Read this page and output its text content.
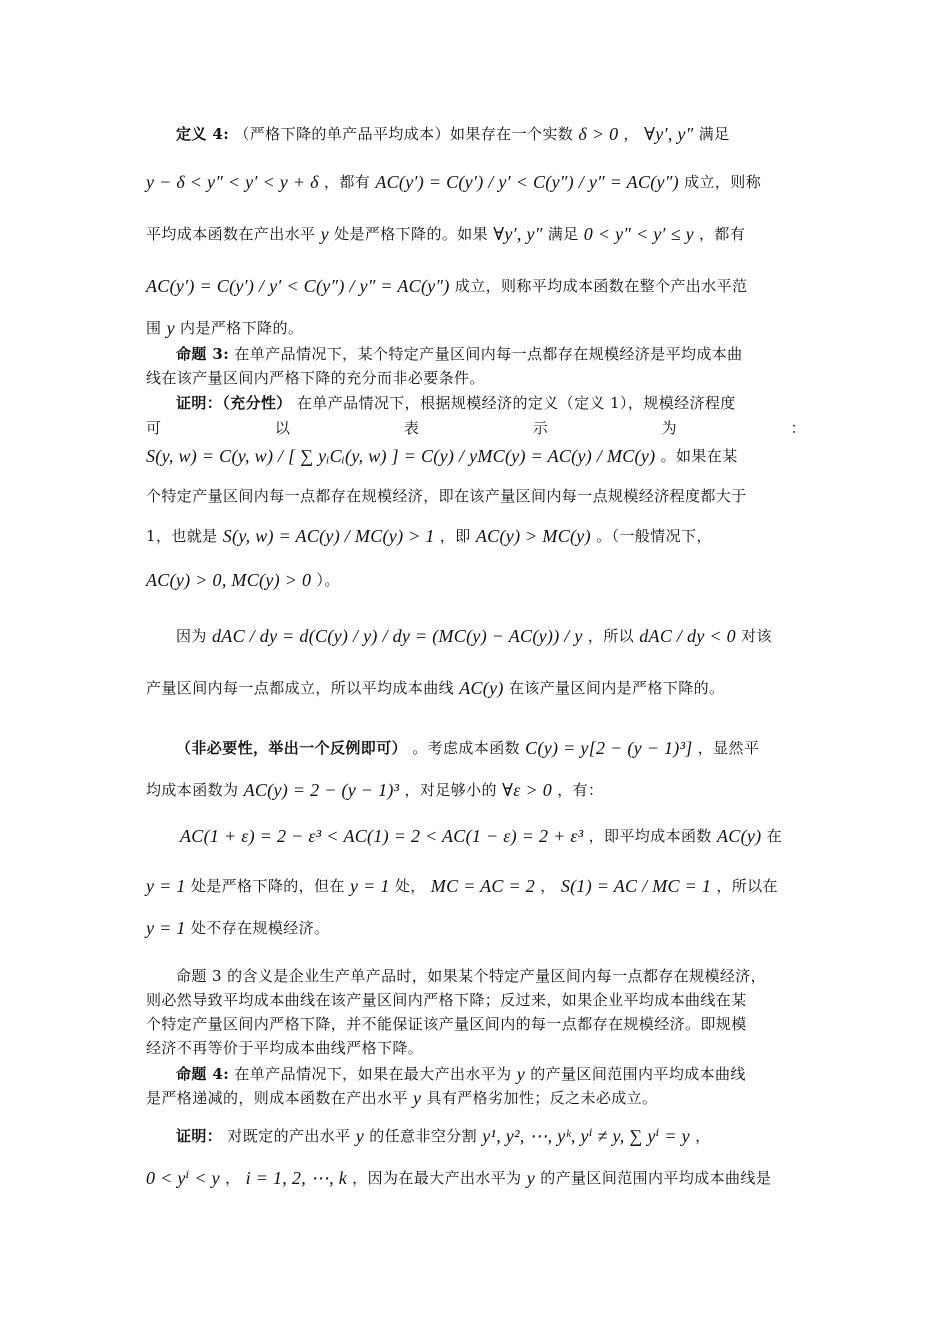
定义 4: （严格下降的单产品平均成本）如果存在一个实数 δ > 0 ， ∀y′, y″ 满足
y − δ < y″ < y′ < y + δ ，都有 AC(y′) = C(y′) / y′ < C(y″) / y″ = AC(y″) 成立，则称
平均成本函数在产出水平 y 处是严格下降的。如果 ∀y′, y″ 满足 0 < y″ < y′ ≤ y ，都有
AC(y′) = C(y′) / y′ < C(y″) / y″ = AC(y″) 成立，则称平均成本函数在整个产出水平范
围 y 内是严格下降的。
命题 3: 在单产品情况下，某个特定产量区间内每一点都存在规模经济是平均成本曲
线在该产量区间内严格下降的充分而非必要条件。
证明：（充分性） 在单产品情况下，根据规模经济的定义（定义 1），规模经济程度
可	以	表	示	为	：
S(y, w) = C(y, w) / [ ∑ yᵢCᵢ(y, w) ] = C(y) / yMC(y) = AC(y) / MC(y) 。如果在某
个特定产量区间内每一点都存在规模经济，即在该产量区间内每一点规模经济程度都大于
1，也就是 S(y, w) = AC(y) / MC(y) > 1 ，即 AC(y) > MC(y) 。（一般情况下，
AC(y) > 0, MC(y) > 0 ）。
因为 dAC / dy = d(C(y) / y) / dy = (MC(y) − AC(y)) / y ，所以 dAC / dy < 0 对该
产量区间内每一点都成立，所以平均成本曲线 AC(y) 在该产量区间内是严格下降的。
（非必要性，举出一个反例即可） 。考虑成本函数 C(y) = y[2 − (y − 1)³] ，显然平
均成本函数为 AC(y) = 2 − (y − 1)³ ，对足够小的 ∀ε > 0 ，有：
AC(1 + ε) = 2 − ε³ < AC(1) = 2 < AC(1 − ε) = 2 + ε³ ，即平均成本函数 AC(y) 在
y = 1 处是严格下降的，但在 y = 1 处， MC = AC = 2 ， S(1) = AC / MC = 1 ，所以在
y = 1 处不存在规模经济。
命题 3 的含义是企业生产单产品时，如果某个特定产量区间内每一点都存在规模经济，
则必然导致平均成本曲线在该产量区间内严格下降；反过来，如果企业平均成本曲线在某
个特定产量区间内严格下降，并不能保证该产量区间内的每一点都存在规模经济。即规模
经济不再等价于平均成本曲线严格下降。
命题 4: 在单产品情况下，如果在最大产出水平为 y 的产量区间范围内平均成本曲线
是严格递减的，则成本函数在产出水平 y 具有严格劣加性；反之未必成立。
证明： 对既定的产出水平 y 的任意非空分割 y¹, y², ⋯, yᵏ, yⁱ ≠ y, ∑ yⁱ = y ，
0 < yⁱ < y ， i = 1, 2, ⋯, k ，因为在最大产出水平为 y 的产量区间范围内平均成本曲线是
